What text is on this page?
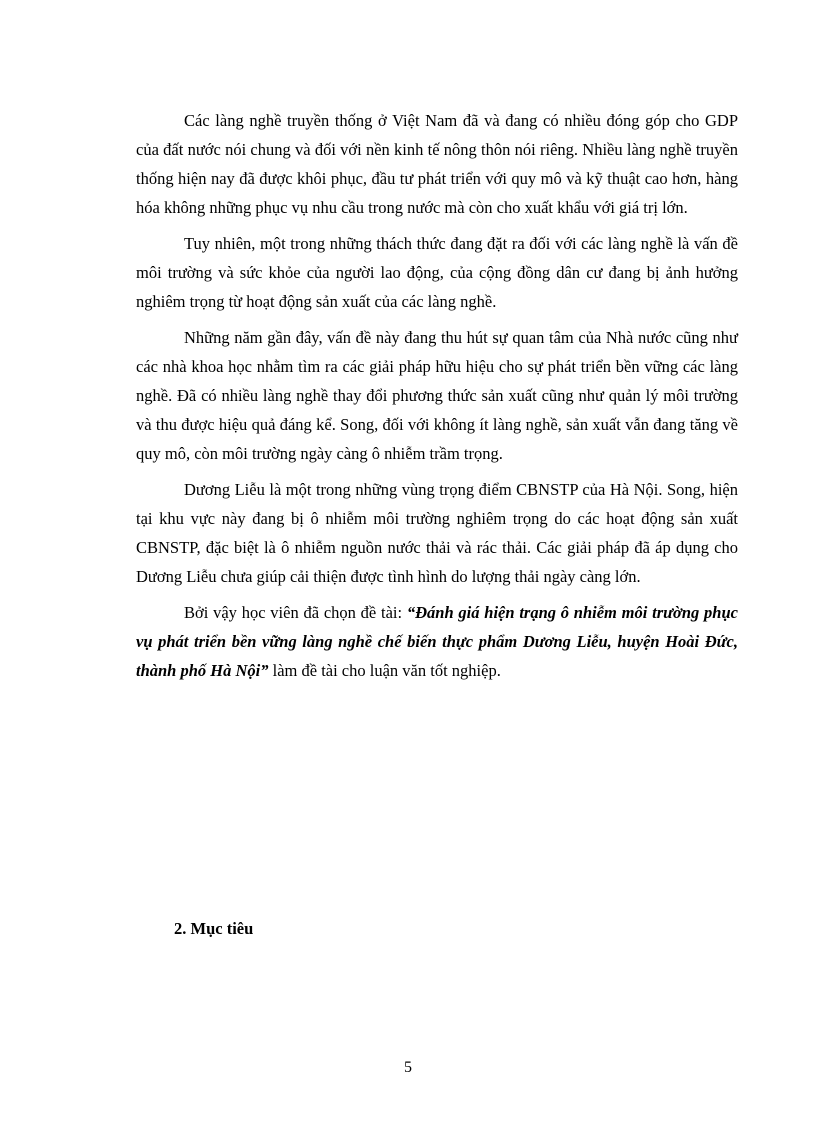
Các làng nghề truyền thống ở Việt Nam đã và đang có nhiều đóng góp cho GDP của đất nước nói chung và đối với nền kinh tế nông thôn nói riêng. Nhiều làng nghề truyền thống hiện nay đã được khôi phục, đầu tư phát triển với quy mô và kỹ thuật cao hơn, hàng hóa không những phục vụ nhu cầu trong nước mà còn cho xuất khẩu với giá trị lớn.

Tuy nhiên, một trong những thách thức đang đặt ra đối với các làng nghề là vấn đề môi trường và sức khỏe của người lao động, của cộng đồng dân cư đang bị ảnh hưởng nghiêm trọng từ hoạt động sản xuất của các làng nghề.

Những năm gần đây, vấn đề này đang thu hút sự quan tâm của Nhà nước cũng như các nhà khoa học nhằm tìm ra các giải pháp hữu hiệu cho sự phát triển bền vững các làng nghề. Đã có nhiều làng nghề thay đổi phương thức sản xuất cũng như quản lý môi trường và thu được hiệu quả đáng kể. Song, đối với không ít làng nghề, sản xuất vẫn đang tăng về quy mô, còn môi trường ngày càng ô nhiễm trầm trọng.

Dương Liễu là một trong những vùng trọng điểm CBNSTP của Hà Nội. Song, hiện tại khu vực này đang bị ô nhiễm môi trường nghiêm trọng do các hoạt động sản xuất CBNSTP, đặc biệt là ô nhiễm nguồn nước thải và rác thải. Các giải pháp đã áp dụng cho Dương Liễu chưa giúp cải thiện được tình hình do lượng thải ngày càng lớn.

Bởi vậy học viên đã chọn đề tài: “Đánh giá hiện trạng ô nhiễm môi trường phục vụ phát triển bền vững làng nghề chế biến thực phẩm Dương Liễu, huyện Hoài Đức, thành phố Hà Nội” làm đề tài cho luận văn tốt nghiệp.

2. Mục tiêu
5
